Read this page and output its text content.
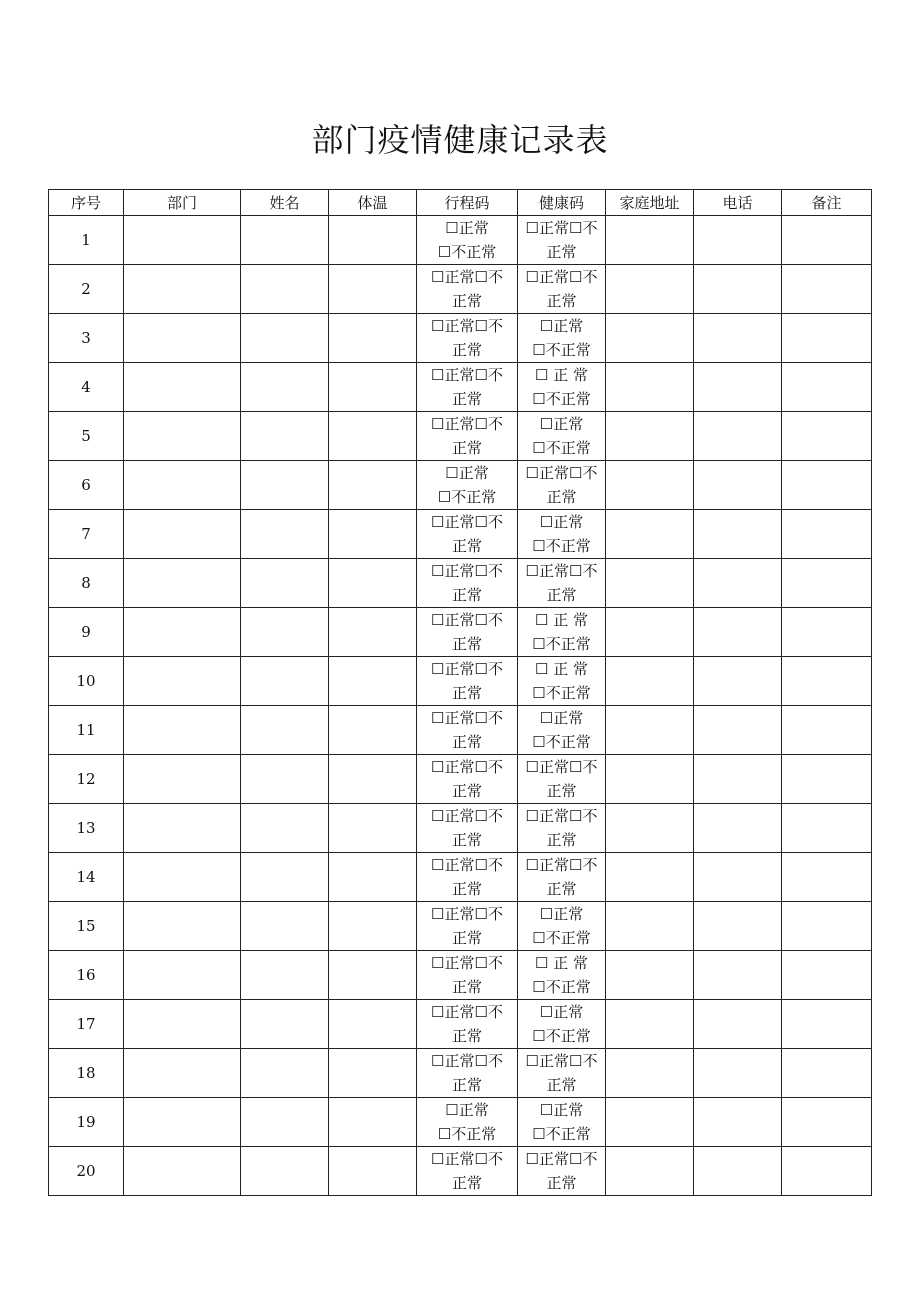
部门疫情健康记录表
序号	部门	姓名	体温	行程码	健康码	家庭地址	电话	备注
1				☐正常
☐不正常	☐正常☐不
正常			
2				☐正常☐不
正常	☐正常☐不
正常			
3				☐正常☐不
正常	☐正常
☐不正常			
4				☐正常☐不
正常	☐ 正 常
☐不正常			
5				☐正常☐不
正常	☐正常
☐不正常			
6				☐正常
☐不正常	☐正常☐不
正常			
7				☐正常☐不
正常	☐正常
☐不正常			
8				☐正常☐不
正常	☐正常☐不
正常			
9				☐正常☐不
正常	☐ 正 常
☐不正常			
10				☐正常☐不
正常	☐ 正 常
☐不正常			
11				☐正常☐不
正常	☐正常
☐不正常			
12				☐正常☐不
正常	☐正常☐不
正常			
13				☐正常☐不
正常	☐正常☐不
正常			
14				☐正常☐不
正常	☐正常☐不
正常			
15				☐正常☐不
正常	☐正常
☐不正常			
16				☐正常☐不
正常	☐ 正 常
☐不正常			
17				☐正常☐不
正常	☐正常
☐不正常			
18				☐正常☐不
正常	☐正常☐不
正常			
19				☐正常
☐不正常	☐正常
☐不正常			
20				☐正常☐不
正常	☐正常☐不
正常			
